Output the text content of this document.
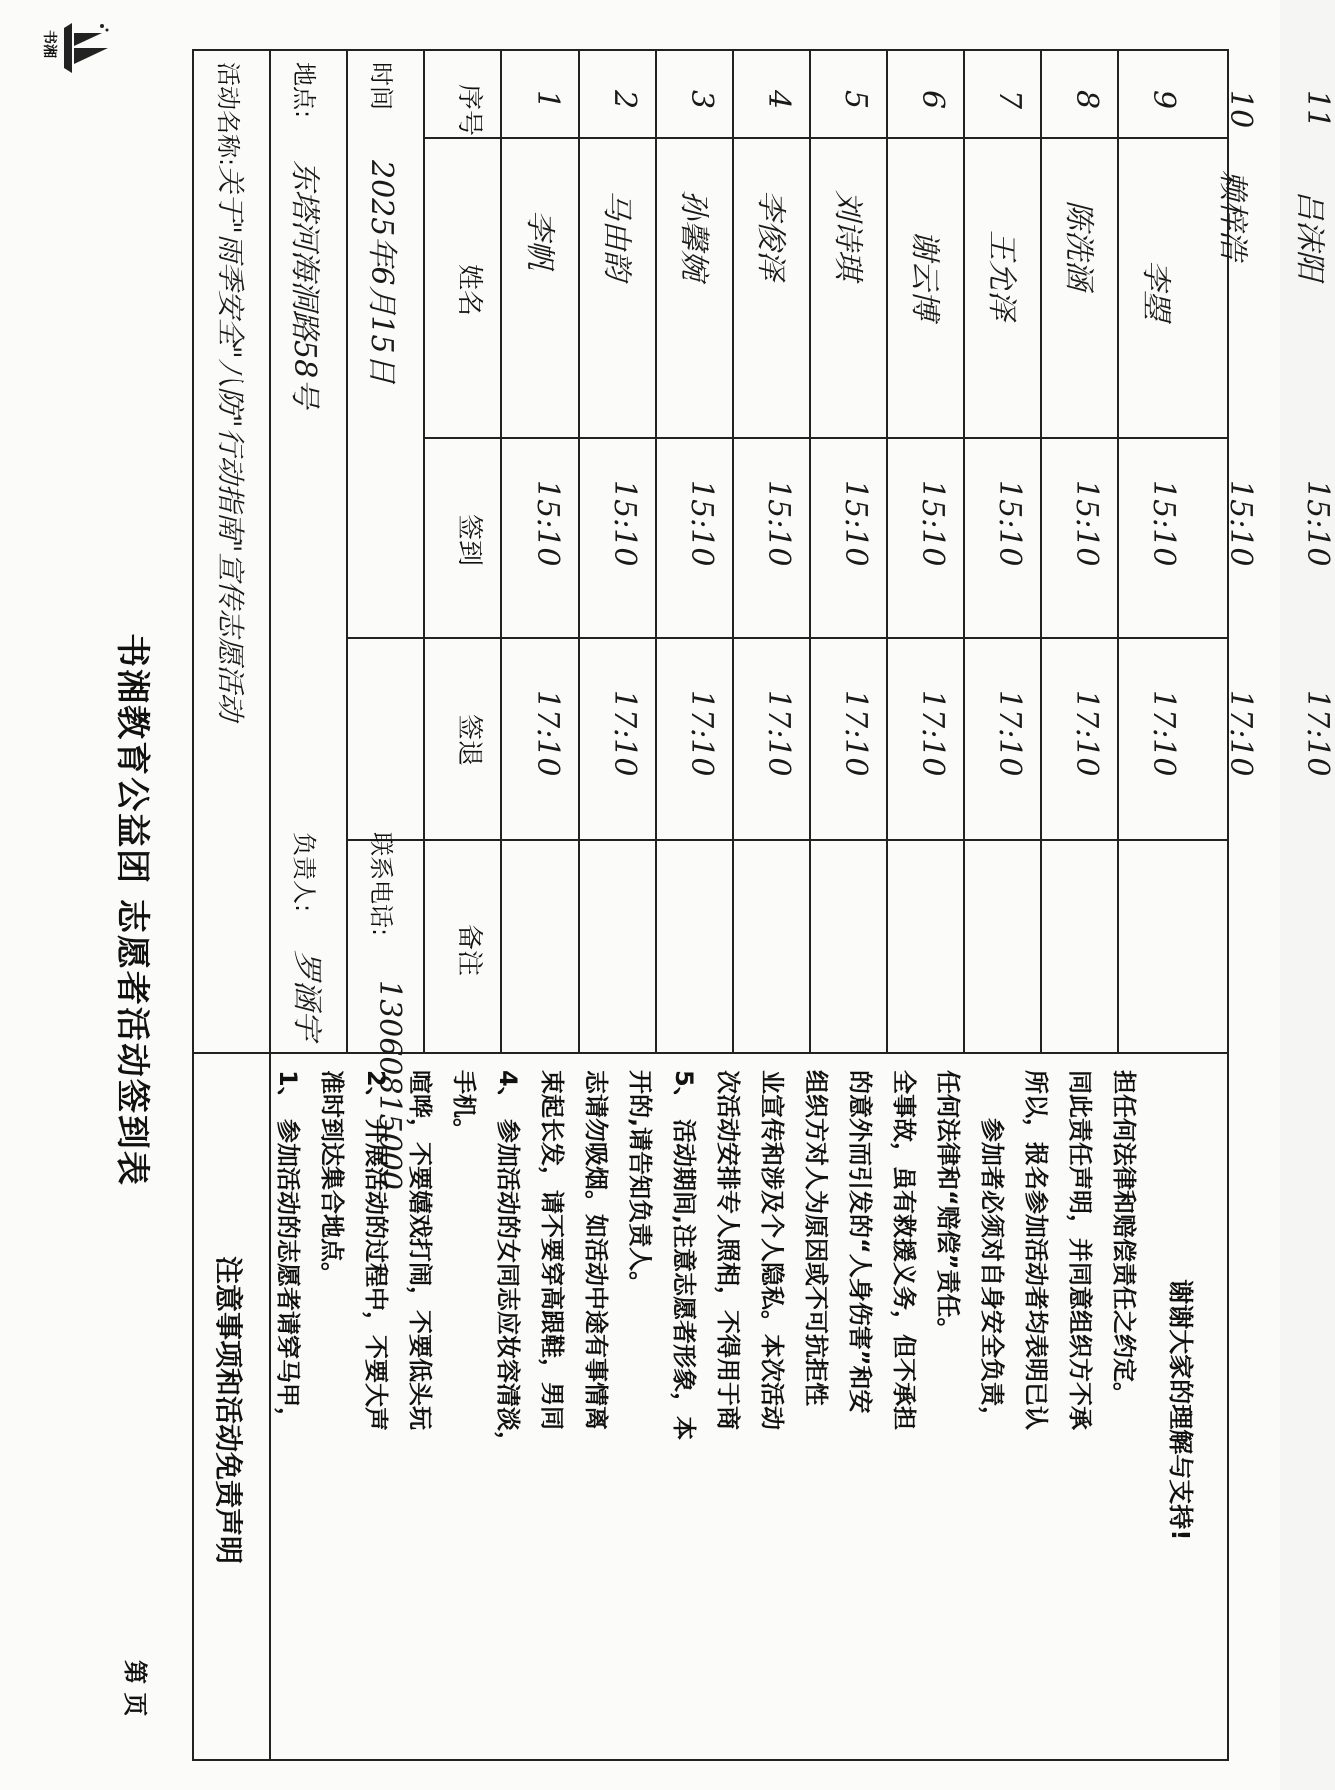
书湘
书湘教育公益团 志愿者活动签到表
第 页
活动名称:
关于"雨季安全"八防"行动指南"宣传志愿活动
地点:
东塔河海洞路58号
负责人:
罗涵宇
时间
2025年6月15日
联系电话:
13060815000
序号
姓名
签到
签退
备注
1
李帆
15:10
17:10
2
马由韵
15:10
17:10
3
孙馨婉
15:10
17:10
4
李俊泽
15:10
17:10
5
刘诗琪
15:10
17:10
6
谢云博
15:10
17:10
7
王允泽
15:10
17:10
8
陈洗涵
15:10
17:10
9
李曌
15:10
17:10
10
赖梓浩
15:10
17:10
11
吕沫阳
15:10
17:10
注意事项和活动免责声明	1、 参加活动的志愿者请穿马甲， 准时到达集合地点。 2、 开展活动的过程中，不要大声 喧哗，不要嬉戏打闹，不要低头玩 手机。 4、 参加活动的女同志应妆容清淡， 束起长发，请不要穿高跟鞋，男同 志请勿吸烟。如活动中途有事情离 开的,请告知负责人。 5、 活动期间,注意志愿者形象，本 次活动安排专人照相，不得用于商 业宣传和涉及个人隐私。本次活动 组织方对人为原因或不可抗拒性 的意外而引发的“人身伤害”和安 全事故，虽有救援义务，但不承担 任何法律和“赔偿”责任。 参加者必须对自身安全负责， 所以，报名参加活动者均表明已认 同此责任声明，并同意组织方不承 担任何法律和赔偿责任之约定。
谢谢大家的理解与支持!
